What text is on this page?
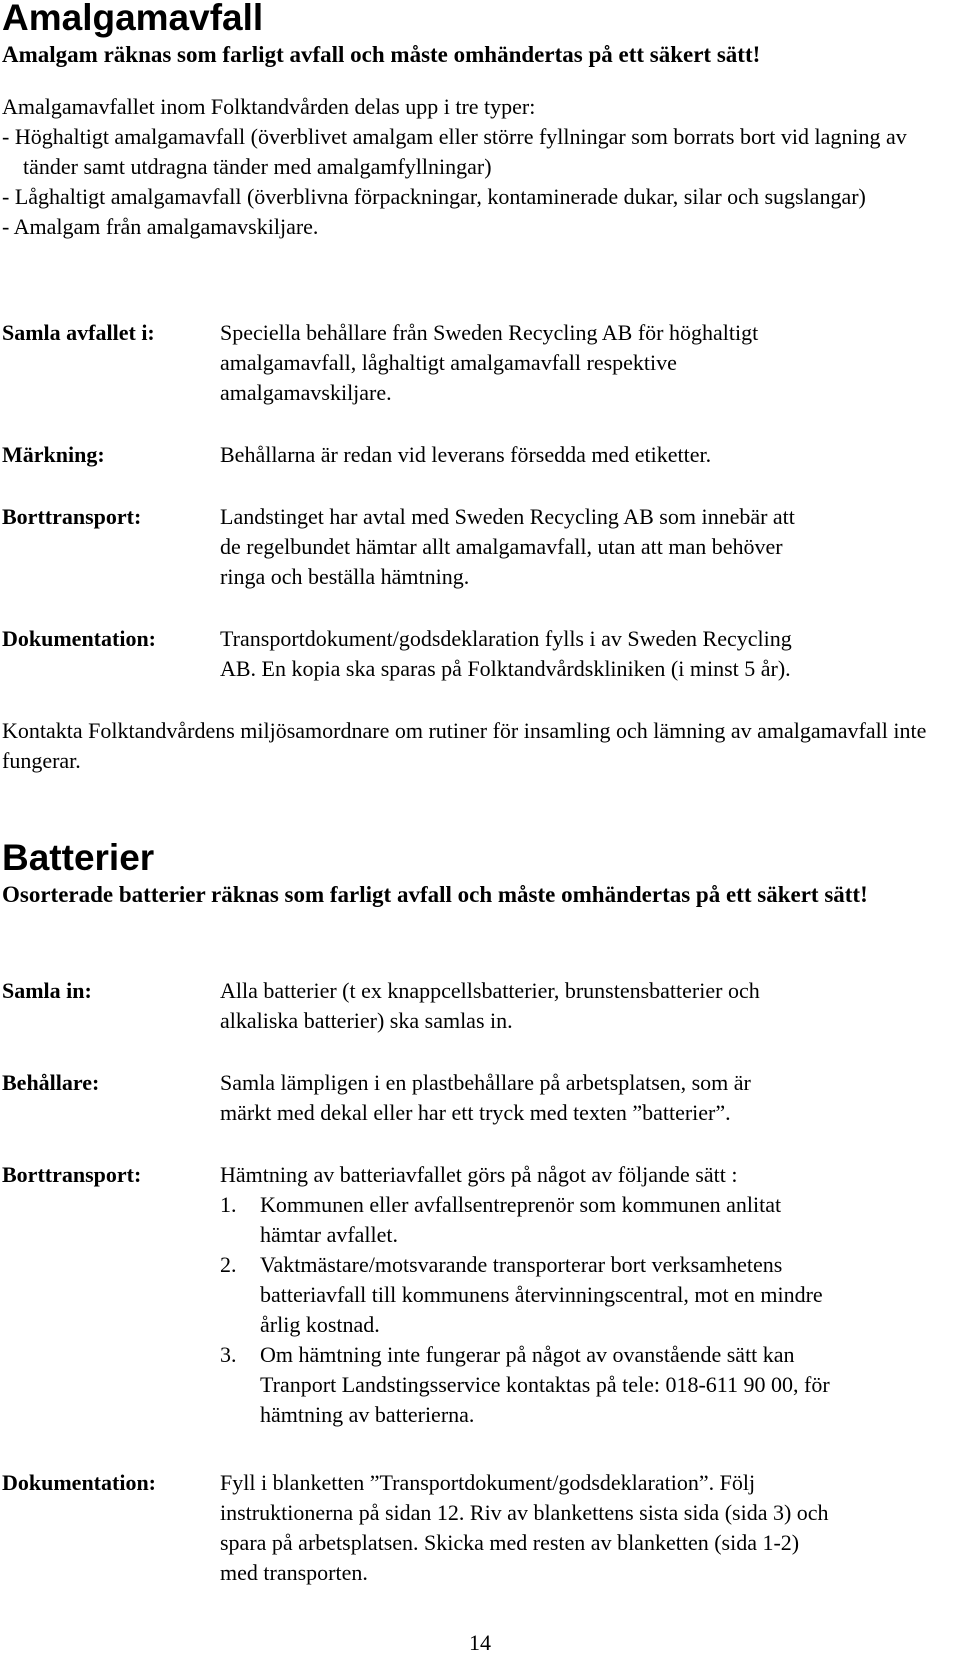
Amalgamavfall

Amalgam räknas som farligt avfall och måste omhändertas på ett säkert sätt!

Amalgamavfallet inom Folktandvården delas upp i tre typer:
- Höghaltigt amalgamavfall (överblivet amalgam eller större fyllningar som borrats bort vid lagning av tänder samt utdragna tänder med amalgamfyllningar)
- Låghaltigt amalgamavfall (överblivna förpackningar, kontaminerade dukar, silar och sugslangar)
- Amalgam från amalgamavskiljare.

Samla avfallet i:	Speciella behållare från Sweden Recycling AB för höghaltigt
amalgamavfall, låghaltigt amalgamavfall respektive
amalgamavskiljare.

Märkning:	Behållarna är redan vid leverans försedda med etiketter.

Borttransport:	Landstinget har avtal med Sweden Recycling AB som innebär att
de regelbundet hämtar allt amalgamavfall, utan att man behöver
ringa och beställa hämtning.

Dokumentation:	Transportdokument/godsdeklaration fylls i av Sweden Recycling
AB. En kopia ska sparas på Folktandvårdskliniken (i minst 5 år).

Kontakta Folktandvårdens miljösamordnare om rutiner för insamling och lämning av amalgamavfall inte fungerar.

Batterier

Osorterade batterier räknas som farligt avfall och måste omhändertas på ett säkert sätt!

Samla in:	Alla batterier (t ex knappcellsbatterier, brunstensbatterier och
alkaliska batterier) ska samlas in.

Behållare:	Samla lämpligen i en plastbehållare på arbetsplatsen, som är
märkt med dekal eller har ett tryck med texten ”batterier”.

Borttransport:	Hämtning av batteriavfallet görs på något av följande sätt :
1. Kommunen eller avfallsentreprenör som kommunen anlitat
hämtar avfallet.
2. Vaktmästare/motsvarande transporterar bort verksamhetens
batteriavfall till kommunens återvinningscentral, mot en mindre
årlig kostnad.
3. Om hämtning inte fungerar på något av ovanstående sätt kan
Tranport Landstingsservice kontaktas på tele: 018-611 90 00, för
hämtning av batterierna.

Dokumentation:	Fyll i blanketten ”Transportdokument/godsdeklaration”. Följ
instruktionerna på sidan 12. Riv av blankettens sista sida (sida 3) och
spara på arbetsplatsen. Skicka med resten av blanketten (sida 1-2)
med transporten.
14
